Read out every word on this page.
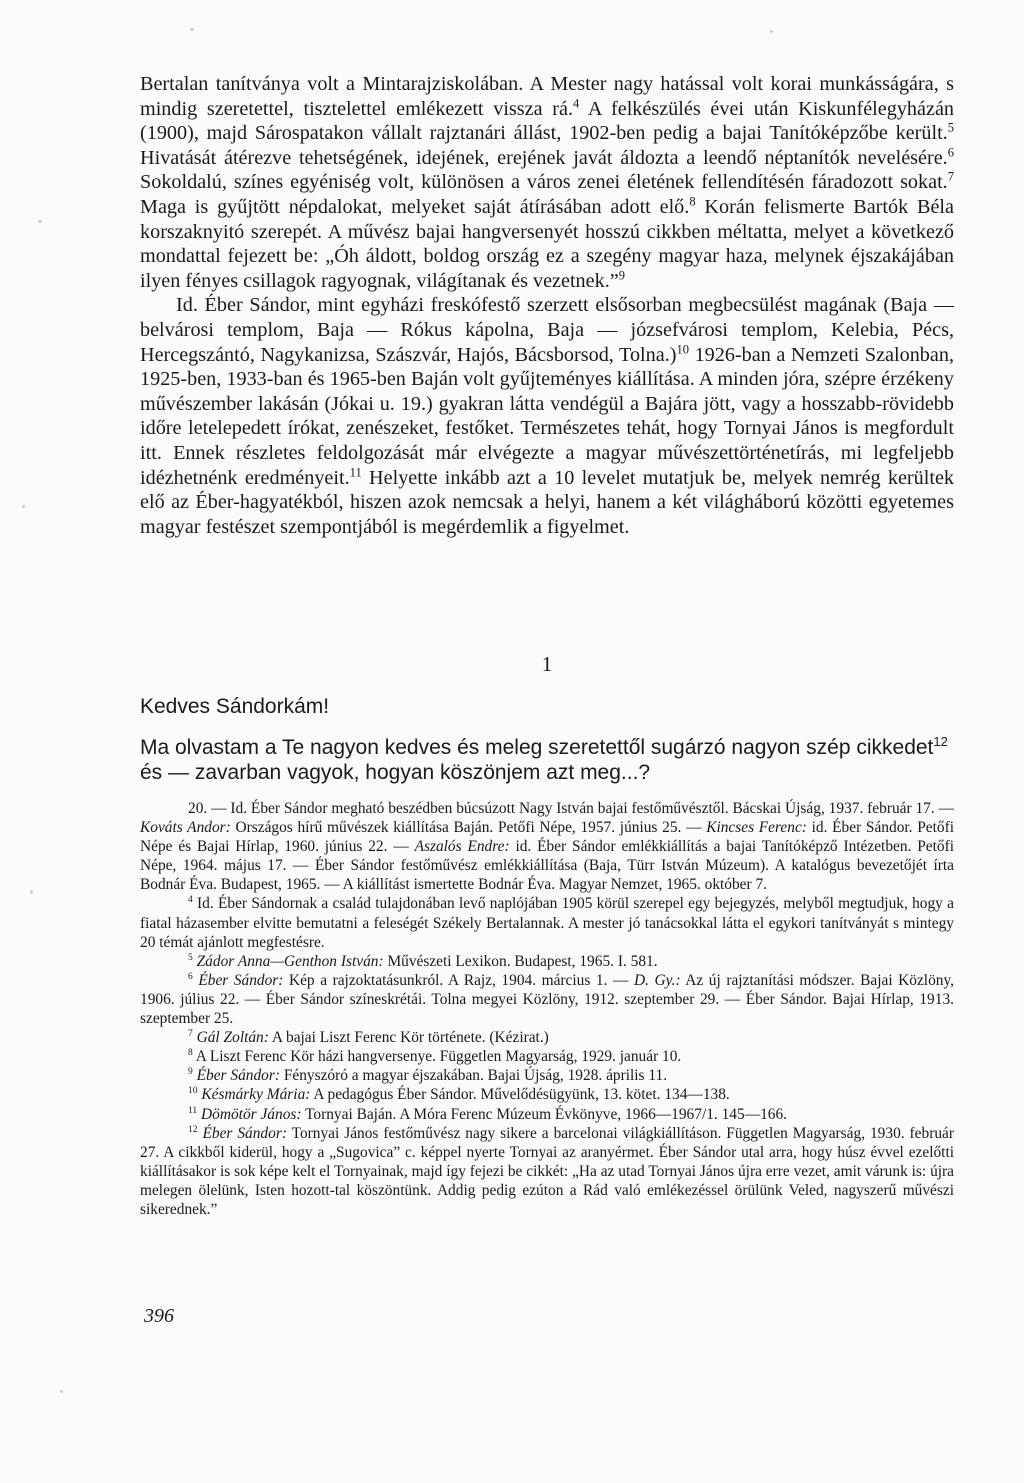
Bertalan tanítványa volt a Mintarajziskolában. A Mester nagy hatással volt korai munkásságára, s mindig szeretettel, tisztelettel emlékezett vissza rá.$^4$ A felkészülés évei után Kiskunfélegyházán (1900), majd Sárospatakon vállalt rajztanári állást, 1902-ben pedig a bajai Tanítóképzőbe került.$^5$ Hivatását átérezve tehetségének, idejének, erejének javát áldozta a leendő néptanítók nevelésére.$^6$ Sokoldalú, színes egyéniség volt, különösen a város zenei életének fellendítésén fáradozott sokat.$^7$ Maga is gyűjtött népdalokat, melyeket saját átírásában adott elő.$^8$ Korán felismerte Bartók Béla korszaknyitó szerepét. A művész bajai hangversenyét hosszú cikkben méltatta, melyet a következő mondattal fejezett be: „Óh áldott, boldog ország ez a szegény magyar haza, melynek éjszakájában ilyen fényes csillagok ragyognak, világítanak és vezetnek.”$^9$

Id. Éber Sándor, mint egyházi freskófestő szerzett elsősorban megbecsülést magának (Baja — belvárosi templom, Baja — Rókus kápolna, Baja — józsefvárosi templom, Kelebia, Pécs, Hercegszántó, Nagykanizsa, Szászvár, Hajós, Bácsborsod, Tolna.)$^{10}$ 1926-ban a Nemzeti Szalonban, 1925-ben, 1933-ban és 1965-ben Baján volt gyűjteményes kiállítása. A minden jóra, szépre érzékeny művészember lakásán (Jókai u. 19.) gyakran látta vendégül a Bajára jött, vagy a hosszabb-rövidebb időre letelepedett írókat, zenészeket, festőket. Természetes tehát, hogy Tornyai János is megfordult itt. Ennek részletes feldolgozását már elvégezte a magyar művészettörténetírás, mi legfeljebb idézhetnénk eredményeit.$^{11}$ Helyette inkább azt a 10 levelet mutatjuk be, melyek nemrég kerültek elő az Éber-hagyatékból, hiszen azok nemcsak a helyi, hanem a két világháború közötti egyetemes magyar festészet szempontjából is megérdemlik a figyelmet.

1
Kedves Sándorkám!
Ma olvastam a Te nagyon kedves és meleg szeretettől sugárzó nagyon szép cikkedet$^{12}$ és — zavarban vagyok, hogyan köszönjem azt meg...?

20. — Id. Éber Sándor megható beszédben búcsúzott Nagy István bajai festőművésztől. Bácskai Újság, 1937. február 17. — Kováts Andor: Országos hírű művészek kiállítása Baján. Petőfi Népe, 1957. június 25. — Kincses Ferenc: id. Éber Sándor. Petőfi Népe és Bajai Hírlap, 1960. június 22. — Aszalós Endre: id. Éber Sándor emlékkiállítás a bajai Tanítóképző Intézetben. Petőfi Népe, 1964. május 17. — Éber Sándor festőművész emlékkiállítása (Baja, Türr István Múzeum). A katalógus bevezetőjét írta Bodnár Éva. Budapest, 1965. — A kiállítást ismertette Bodnár Éva. Magyar Nemzet, 1965. október 7.

$^4$ Id. Éber Sándornak a család tulajdonában levő naplójában 1905 körül szerepel egy bejegyzés, melyből megtudjuk, hogy a fiatal házasember elvitte bemutatni a feleségét Székely Bertalannak. A mester jó tanácsokkal látta el egykori tanítványát s mintegy 20 témát ajánlott megfestésre.

$^5$ Zádor Anna—Genthon István: Művészeti Lexikon. Budapest, 1965. I. 581.

$^6$ Éber Sándor: Kép a rajzoktatásunkról. A Rajz, 1904. március 1. — D. Gy.: Az új rajztanítási módszer. Bajai Közlöny, 1906. július 22. — Éber Sándor színeskrétái. Tolna megyei Közlöny, 1912. szeptember 29. — Éber Sándor. Bajai Hírlap, 1913. szeptember 25.

$^7$ Gál Zoltán: A bajai Liszt Ferenc Kör története. (Kézirat.)

$^8$ A Liszt Ferenc Kör házi hangversenye. Független Magyarság, 1929. január 10.

$^9$ Éber Sándor: Fényszóró a magyar éjszakában. Bajai Újság, 1928. április 11.

$^{10}$ Késmárky Mária: A pedagógus Éber Sándor. Művelődésügyünk, 13. kötet. 134—138.

$^{11}$ Dömötör János: Tornyai Baján. A Móra Ferenc Múzeum Évkönyve, 1966—1967/1. 145—166.

$^{12}$ Éber Sándor: Tornyai János festőművész nagy sikere a barcelonai világkiállításon. Független Magyarság, 1930. február 27. A cikkből kiderül, hogy a „Sugovica” c. képpel nyerte Tornyai az aranyérmet. Éber Sándor utal arra, hogy húsz évvel ezelőtti kiállításakor is sok képe kelt el Tornyainak, majd így fejezi be cikkét: „Ha az utad Tornyai János újra erre vezet, amit várunk is: újra melegen ölelünk, Isten hozott-tal köszöntünk. Addig pedig ezúton a Rád való emlékezéssel örülünk Veled, nagyszerű művészi sikerednek.”

396
